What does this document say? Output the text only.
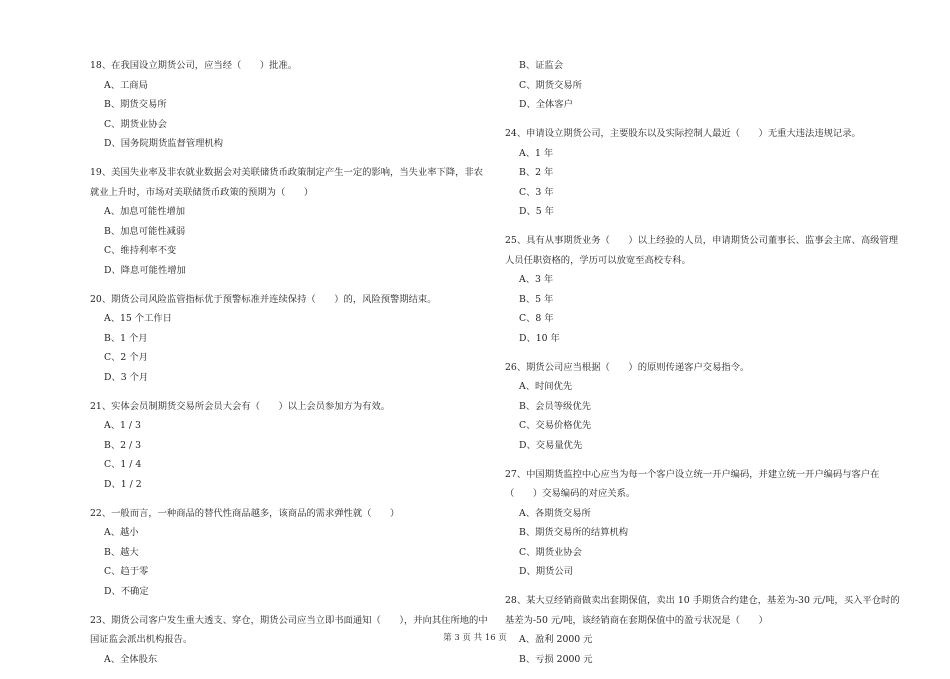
18、在我国设立期货公司，应当经（　　）批准。
A、工商局
B、期货交易所
C、期货业协会
D、国务院期货监督管理机构
19、美国失业率及非农就业数据会对美联储货币政策制定产生一定的影响，当失业率下降，非农就业上升时，市场对美联储货币政策的预期为（　　）
A、加息可能性增加
B、加息可能性减弱
C、维持利率不变
D、降息可能性增加
20、期货公司风险监管指标优于预警标准并连续保持（　　）的，风险预警期结束。
A、15 个工作日
B、1 个月
C、2 个月
D、3 个月
21、实体会员制期货交易所会员大会有（　　）以上会员参加方为有效。
A、1 / 3
B、2 / 3
C、1 / 4
D、1 / 2
22、一般而言，一种商品的替代性商品越多，该商品的需求弹性就（　　）
A、越小
B、越大
C、趋于零
D、不确定
23、期货公司客户发生重大透支、穿仓，期货公司应当立即书面通知（　　），并向其住所地的中国证监会派出机构报告。
A、全体股东
B、证监会
C、期货交易所
D、全体客户
24、申请设立期货公司，主要股东以及实际控制人最近（　　）无重大违法违规记录。
A、1 年
B、2 年
C、3 年
D、5 年
25、具有从事期货业务（　　）以上经验的人员，申请期货公司董事长、监事会主席、高级管理人员任职资格的，学历可以放宽至高校专科。
A、3 年
B、5 年
C、8 年
D、10 年
26、期货公司应当根据（　　）的原则传递客户交易指令。
A、时间优先
B、会员等级优先
C、交易价格优先
D、交易量优先
27、中国期货监控中心应当为每一个客户设立统一开户编码，并建立统一开户编码与客户在（　　）交易编码的对应关系。
A、各期货交易所
B、期货交易所的结算机构
C、期货业协会
D、期货公司
28、某大豆经销商做卖出套期保值，卖出 10 手期货合约建仓，基差为-30 元/吨，买入平仓时的基差为-50 元/吨，该经销商在套期保值中的盈亏状况是（　　）
A、盈利 2000 元
B、亏损 2000 元
第 3 页 共 16 页
